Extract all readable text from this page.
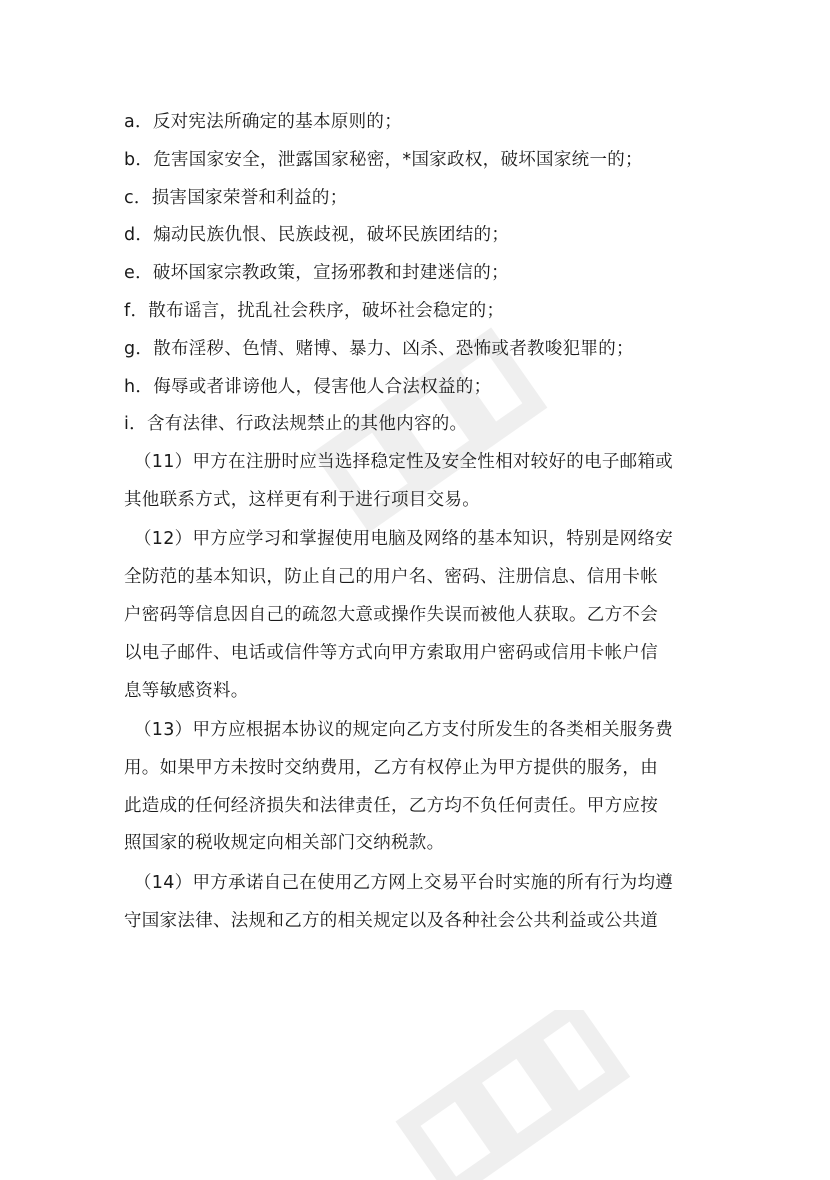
a．反对宪法所确定的基本原则的；
b．危害国家安全，泄露国家秘密，*国家政权，破坏国家统一的；
c．损害国家荣誉和利益的；
d．煽动民族仇恨、民族歧视，破坏民族团结的；
e．破坏国家宗教政策，宣扬邪教和封建迷信的；
f．散布谣言，扰乱社会秩序，破坏社会稳定的；
g．散布淫秽、色情、赌博、暴力、凶杀、恐怖或者教唆犯罪的；
h．侮辱或者诽谤他人，侵害他人合法权益的；
i．含有法律、行政法规禁止的其他内容的。
（11）甲方在注册时应当选择稳定性及安全性相对较好的电子邮箱或
其他联系方式，这样更有利于进行项目交易。
（12）甲方应学习和掌握使用电脑及网络的基本知识，特别是网络安
全防范的基本知识，防止自己的用户名、密码、注册信息、信用卡帐
户密码等信息因自己的疏忽大意或操作失误而被他人获取。乙方不会
以电子邮件、电话或信件等方式向甲方索取用户密码或信用卡帐户信
息等敏感资料。
（13）甲方应根据本协议的规定向乙方支付所发生的各类相关服务费
用。如果甲方未按时交纳费用，乙方有权停止为甲方提供的服务，由
此造成的任何经济损失和法律责任，乙方均不负任何责任。甲方应按
照国家的税收规定向相关部门交纳税款。
（14）甲方承诺自己在使用乙方网上交易平台时实施的所有行为均遵
守国家法律、法规和乙方的相关规定以及各种社会公共利益或公共道
